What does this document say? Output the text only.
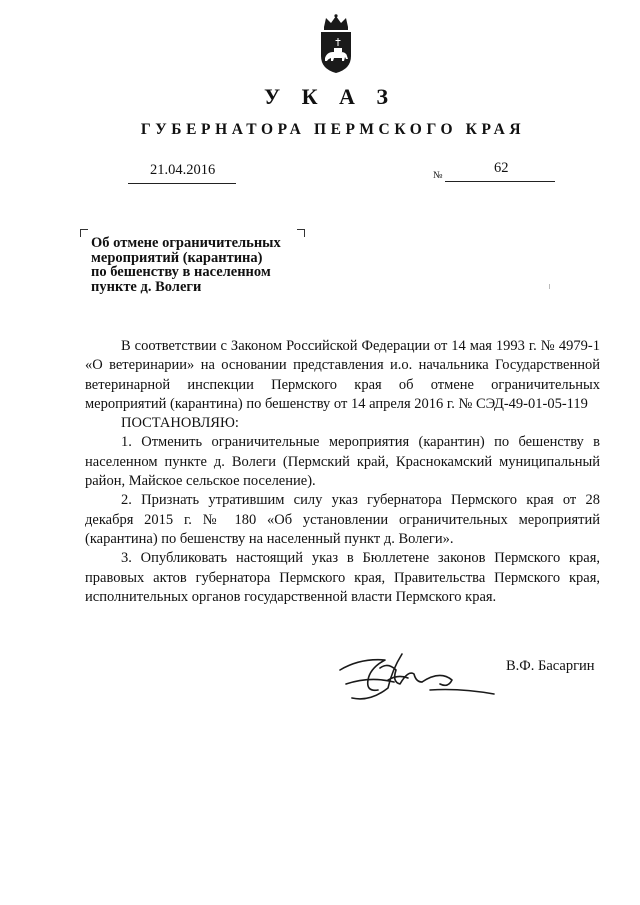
У К А З
ГУБЕРНАТОРА ПЕРМСКОГО КРАЯ
21.04.2016	№	62
Об отмене ограничительных
мероприятий (карантина)
по бешенству в населенном
пункте д. Волеги

В соответствии с Законом Российской Федерации от 14 мая 1993 г. № 4979-1 «О ветеринарии» на основании представления и.о. начальника Государственной ветеринарной инспекции Пермского края об отмене ограничительных мероприятий (карантина) по бешенству от 14 апреля 2016 г. № СЭД-49-01-05-119

ПОСТАНОВЛЯЮ:

1. Отменить ограничительные мероприятия (карантин) по бешенству в населенном пункте д. Волеги (Пермский край, Краснокамский муниципальный район, Майское сельское поселение).

2. Признать утратившим силу указ губернатора Пермского края от 28 декабря 2015 г. № 180 «Об установлении ограничительных мероприятий (карантина) по бешенству на населенный пункт д. Волеги».

3. Опубликовать настоящий указ в Бюллетене законов Пермского края, правовых актов губернатора Пермского края, Правительства Пермского края, исполнительных органов государственной власти Пермского края.

В.Ф. Басаргин
